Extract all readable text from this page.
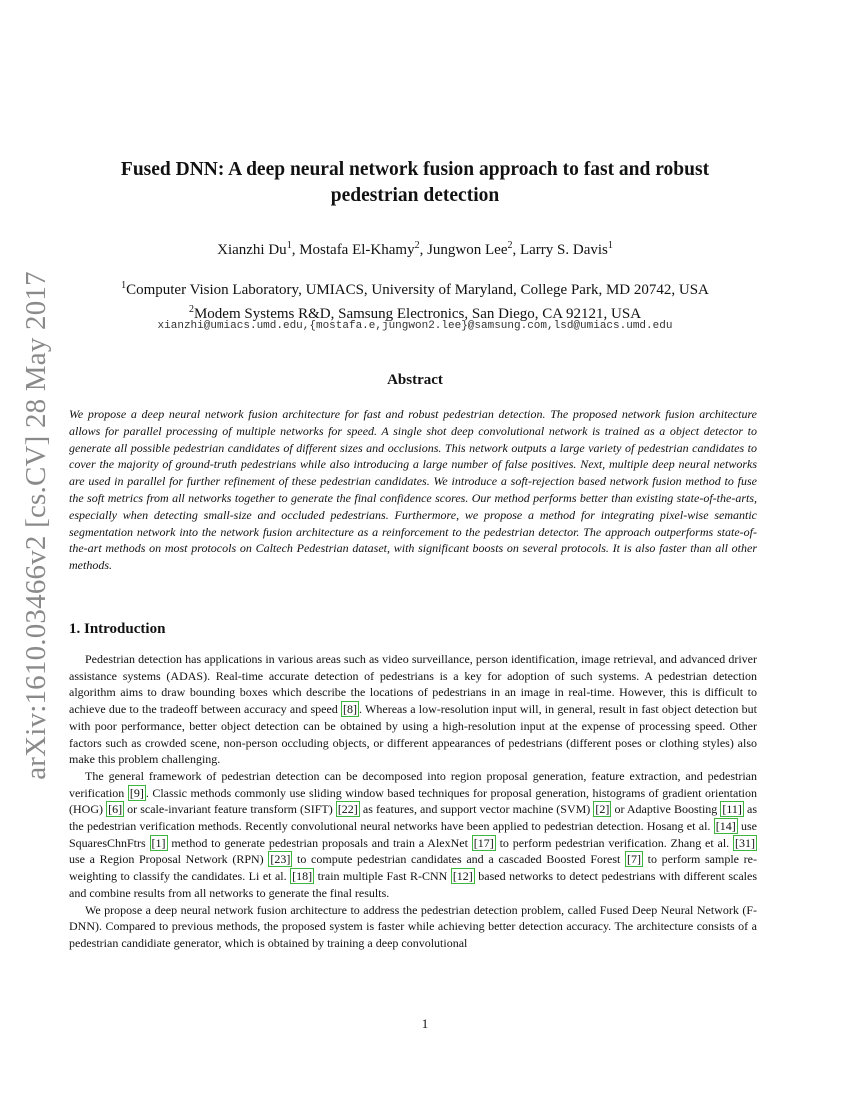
arXiv:1610.03466v2 [cs.CV] 28 May 2017
Fused DNN: A deep neural network fusion approach to fast and robust
pedestrian detection
Xianzhi Du$^1$, Mostafa El-Khamy$^2$, Jungwon Lee$^2$, Larry S. Davis$^1$
$^1$Computer Vision Laboratory, UMIACS, University of Maryland, College Park, MD 20742, USA
$^2$Modem Systems R&D, Samsung Electronics, San Diego, CA 92121, USA
xianzhi@umiacs.umd.edu,{mostafa.e,jungwon2.lee}@samsung.com,lsd@umiacs.umd.edu
Abstract
We propose a deep neural network fusion architecture for fast and robust pedestrian detection. The proposed network fusion architecture allows for parallel processing of multiple networks for speed. A single shot deep convolutional network is trained as a object detector to generate all possible pedestrian candidates of different sizes and occlusions. This network outputs a large variety of pedestrian candidates to cover the majority of ground-truth pedestrians while also introducing a large number of false positives. Next, multiple deep neural networks are used in parallel for further refinement of these pedestrian candidates. We introduce a soft-rejection based network fusion method to fuse the soft metrics from all networks together to generate the final confidence scores. Our method performs better than existing state-of-the-arts, especially when detecting small-size and occluded pedestrians. Furthermore, we propose a method for integrating pixel-wise semantic segmentation network into the network fusion architecture as a reinforcement to the pedestrian detector. The approach outperforms state-of-the-art methods on most protocols on Caltech Pedestrian dataset, with significant boosts on several protocols. It is also faster than all other methods.
1. Introduction

Pedestrian detection has applications in various areas such as video surveillance, person identification, image retrieval, and advanced driver assistance systems (ADAS). Real-time accurate detection of pedestrians is a key for adoption of such systems. A pedestrian detection algorithm aims to draw bounding boxes which describe the locations of pedestrians in an image in real-time. However, this is difficult to achieve due to the tradeoff between accuracy and speed [8] . Whereas a low-resolution input will, in general, result in fast object detection but with poor performance, better object detection can be obtained by using a high-resolution input at the expense of processing speed. Other factors such as crowded scene, non-person occluding objects, or different appearances of pedestrians (different poses or clothing styles) also make this problem challenging.

The general framework of pedestrian detection can be decomposed into region proposal generation, feature extraction, and pedestrian verification [9] . Classic methods commonly use sliding window based techniques for proposal generation, histograms of gradient orientation (HOG) [6] or scale-invariant feature transform (SIFT) [22] as features, and support vector machine (SVM) [2] or Adaptive Boosting [11] as the pedestrian verification methods. Recently convolutional neural networks have been applied to pedestrian detection. Hosang et al. [14] use SquaresChnFtrs [1] method to generate pedestrian proposals and train a AlexNet [17] to perform pedestrian verification. Zhang et al. [31] use a Region Proposal Network (RPN) [23] to compute pedestrian candidates and a cascaded Boosted Forest [7] to perform sample re-weighting to classify the candidates. Li et al. [18] train multiple Fast R-CNN [12] based networks to detect pedestrians with different scales and combine results from all networks to generate the final results.

We propose a deep neural network fusion architecture to address the pedestrian detection problem, called Fused Deep Neural Network (F-DNN). Compared to previous methods, the proposed system is faster while achieving better detection accuracy. The architecture consists of a pedestrian candidiate generator, which is obtained by training a deep convolutional

1
